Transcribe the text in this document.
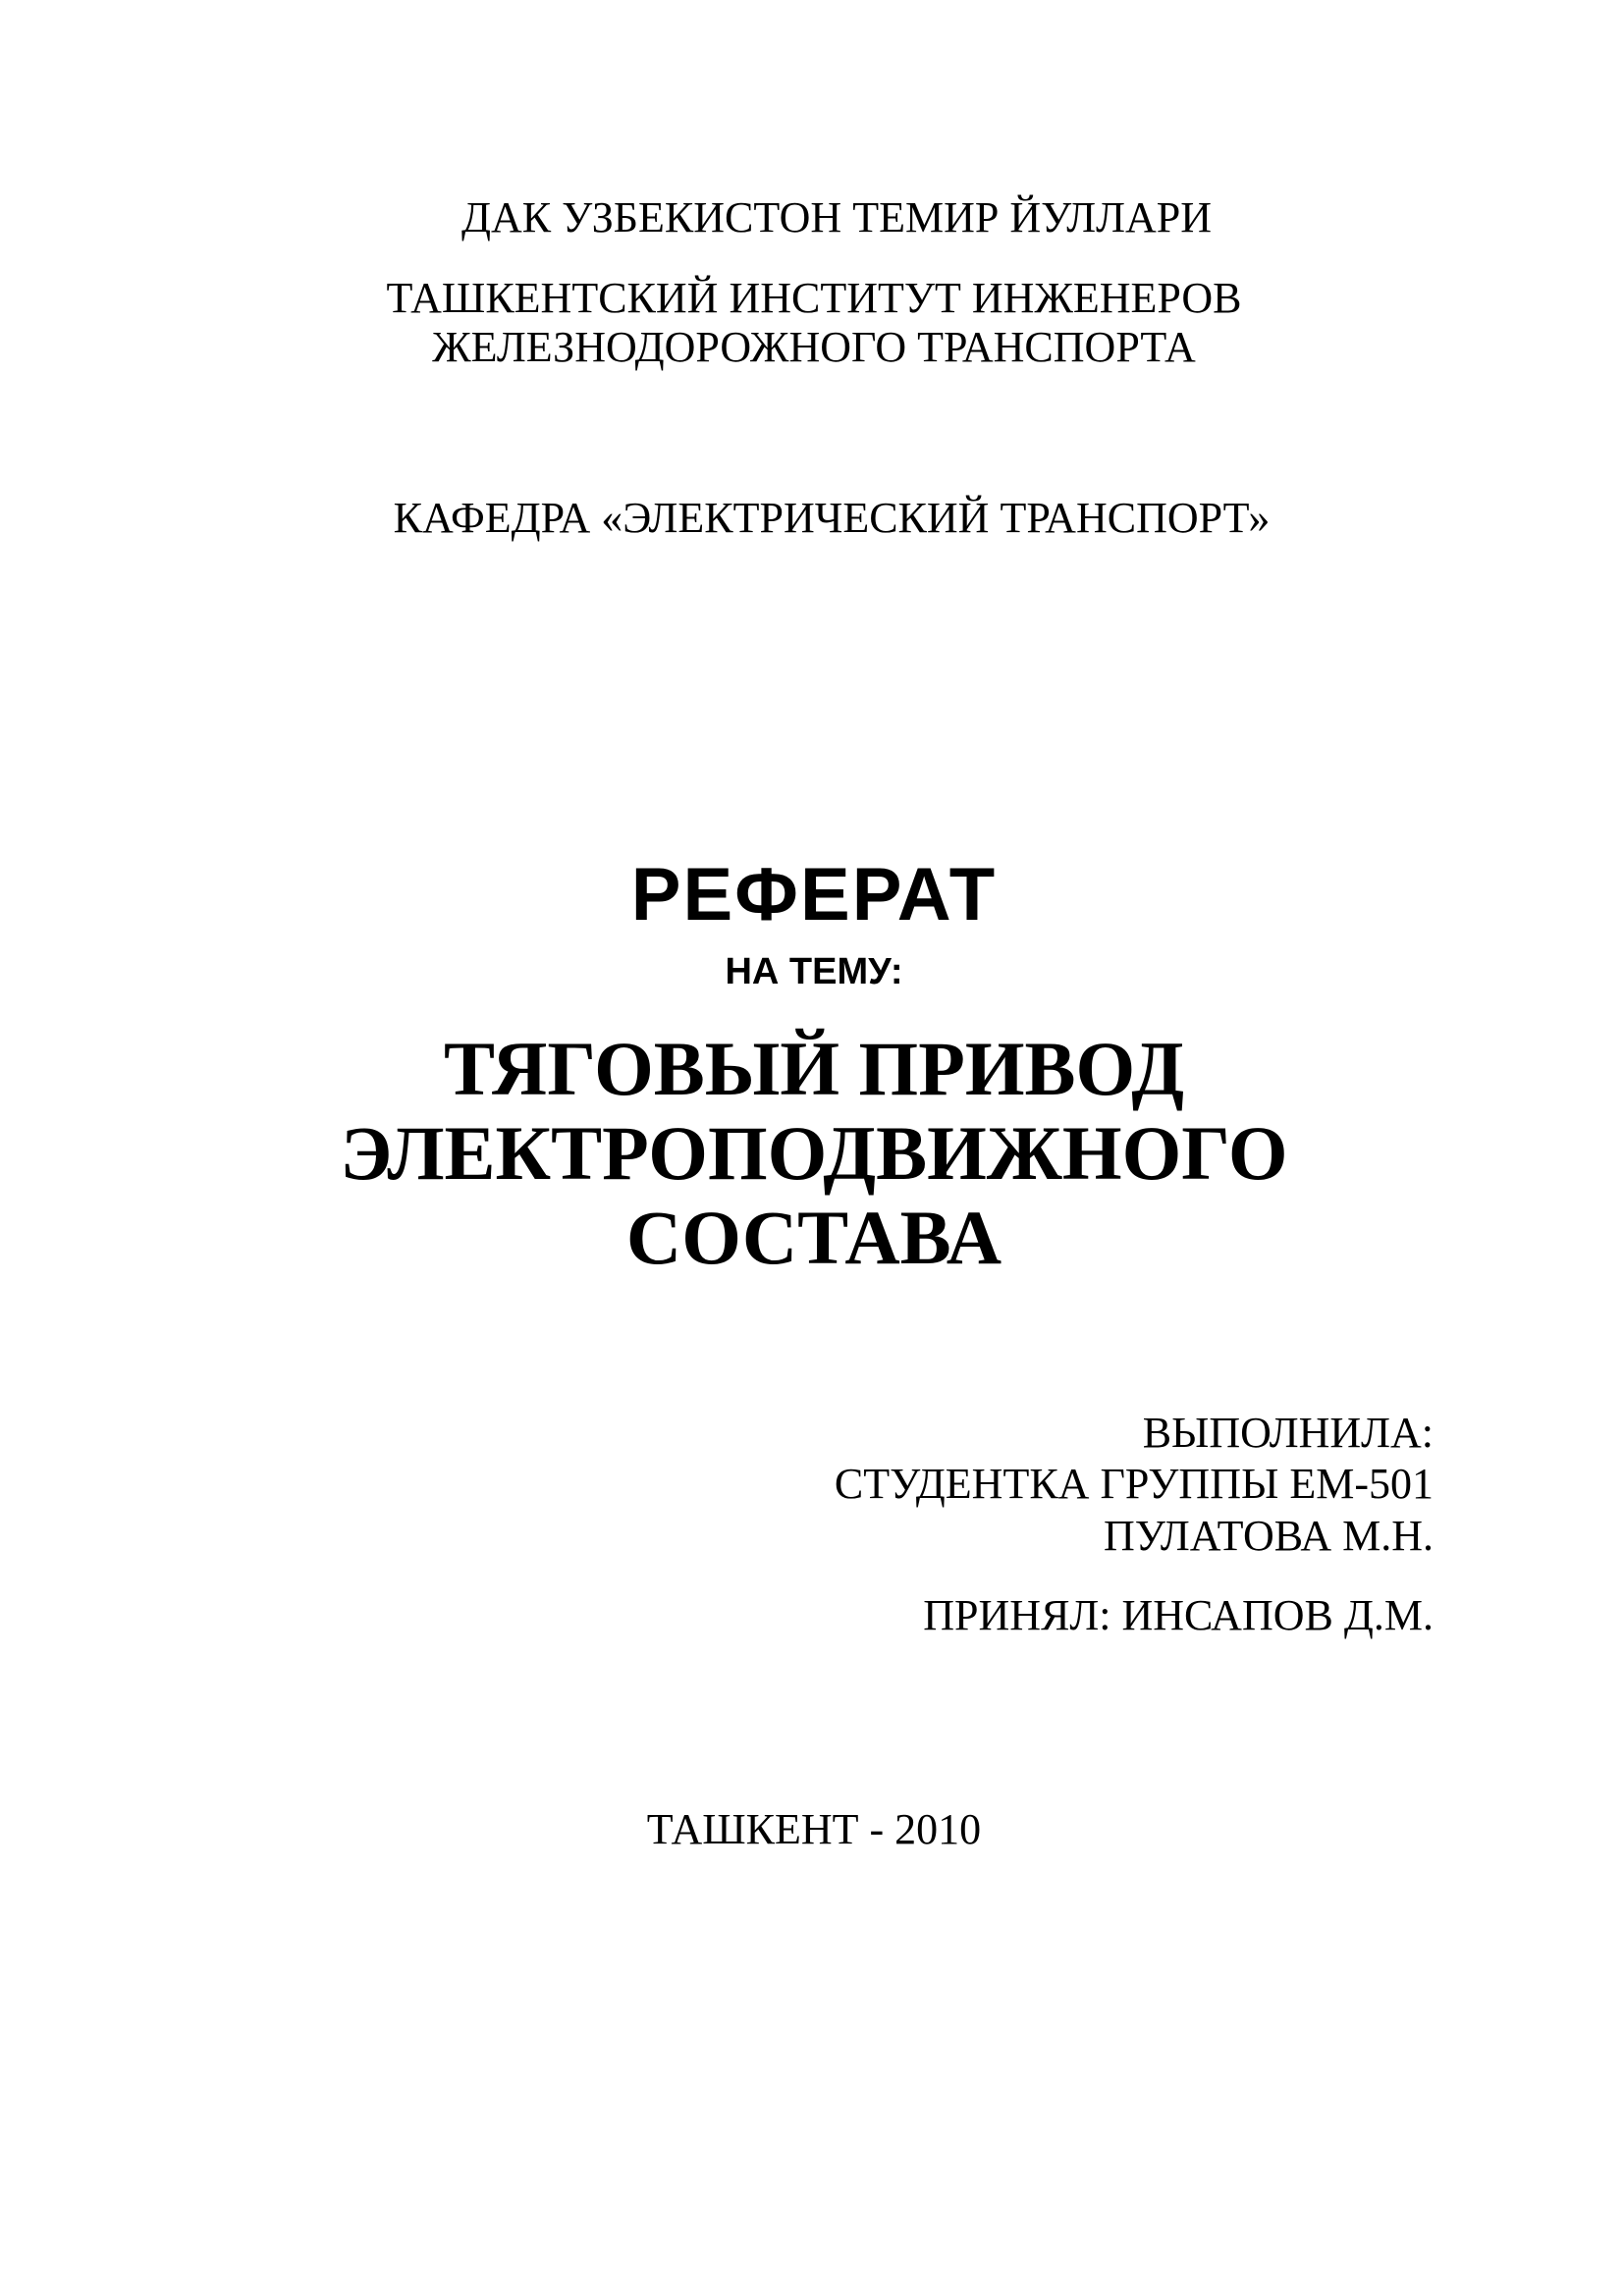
ДАК УЗБЕКИСТОН ТЕМИР ЙУЛЛАРИ
ТАШКЕНТСКИЙ ИНСТИТУТ ИНЖЕНЕРОВ
ЖЕЛЕЗНОДОРОЖНОГО ТРАНСПОРТА
КАФЕДРА «ЭЛЕКТРИЧЕСКИЙ ТРАНСПОРТ»
РЕФЕРАТ
НА ТЕМУ:
ТЯГОВЫЙ ПРИВОД
ЭЛЕКТРОПОДВИЖНОГО
СОСТАВА
ВЫПОЛНИЛА:
СТУДЕНТКА ГРУППЫ ЕМ-501
ПУЛАТОВА М.Н.
ПРИНЯЛ: ИНСАПОВ Д.М.
ТАШКЕНТ - 2010
